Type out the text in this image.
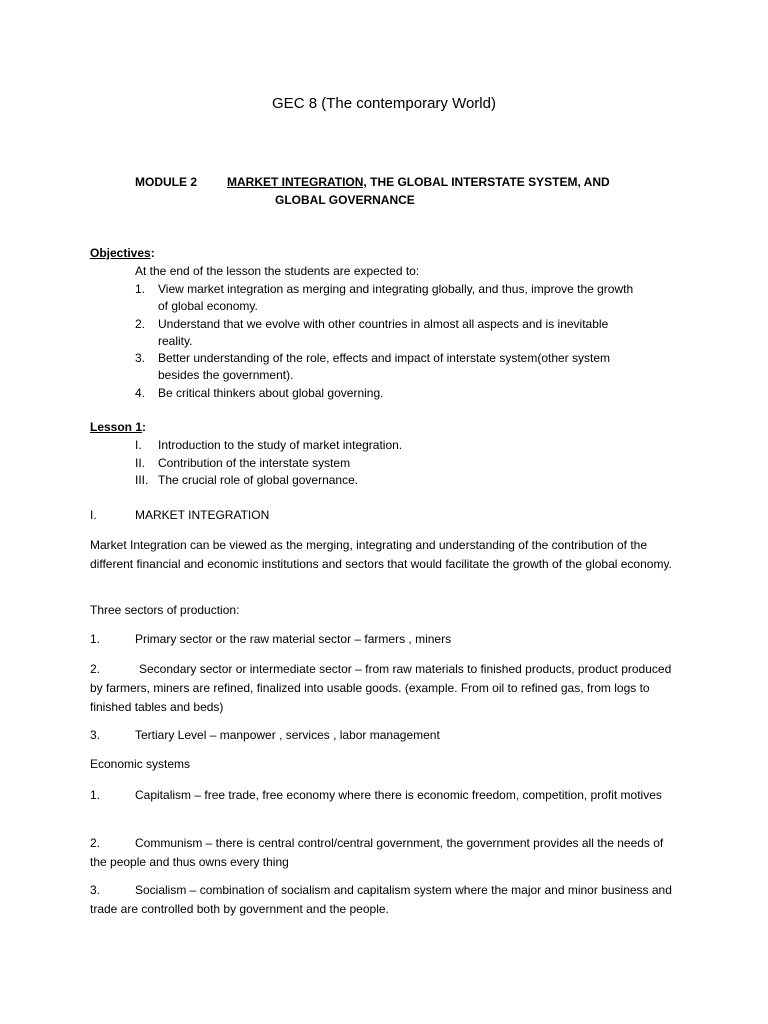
GEC 8 (The contemporary World)
MODULE 2 MARKET INTEGRATION, THE GLOBAL INTERSTATE SYSTEM, AND
GLOBAL GOVERNANCE
Objectives:
At the end of the lesson the students are expected to:
1. View market integration as merging and integrating globally, and thus, improve the growth
of global economy.
2. Understand that we evolve with other countries in almost all aspects and is inevitable
reality.
3. Better understanding of the role, effects and impact of interstate system(other system
besides the government).
4. Be critical thinkers about global governing.
Lesson 1:
I. Introduction to the study of market integration.
II. Contribution of the interstate system
III. The crucial role of global governance.
I.	MARKET INTEGRATION
Market Integration can be viewed as the merging, integrating and understanding of the contribution of the different financial and economic institutions and sectors that would facilitate the growth of the global economy.
Three sectors of production:
1.	Primary sector or the raw material sector – farmers , miners
2.	Secondary sector or intermediate sector – from raw materials to finished products, product produced by farmers, miners are refined, finalized into usable goods. (example. From oil to refined gas, from logs to finished tables and beds)
3.	Tertiary Level – manpower , services , labor management
Economic systems
1.	Capitalism – free trade, free economy where there is economic freedom, competition, profit motives
2.	Communism – there is central control/central government, the government provides all the needs of the people and thus owns every thing
3.	Socialism – combination of socialism and capitalism system where the major and minor business and trade are controlled both by government and the people.
